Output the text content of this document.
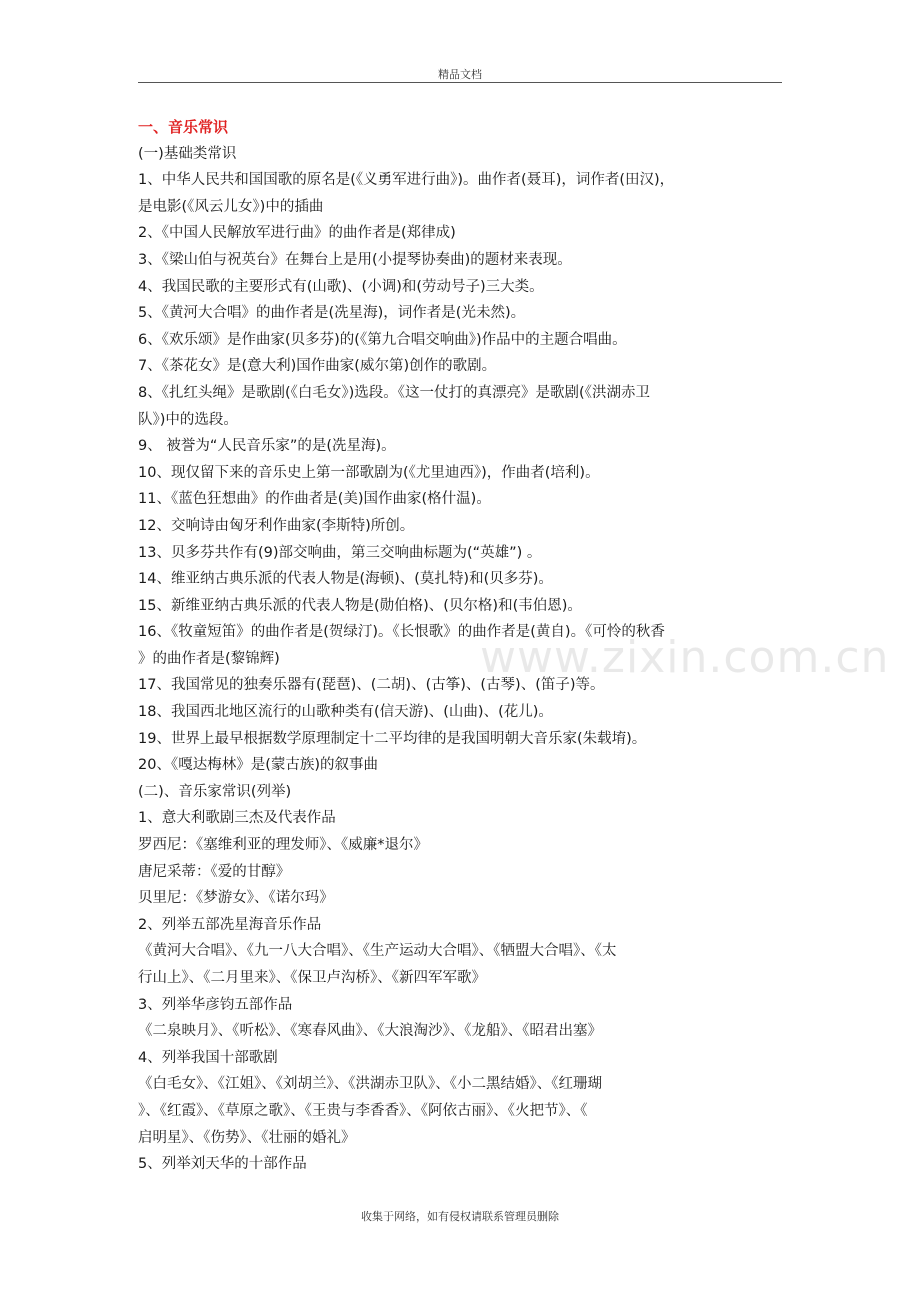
精品文档
www.zixin.com.cn
一、音乐常识
(一)基础类常识
1、中华人民共和国国歌的原名是(《义勇军进行曲》)。曲作者(聂耳)，词作者(田汉)，
是电影(《风云儿女》)中的插曲
2、《中国人民解放军进行曲》的曲作者是(郑律成)
3、《梁山伯与祝英台》在舞台上是用(小提琴协奏曲)的题材来表现。
4、我国民歌的主要形式有(山歌)、(小调)和(劳动号子)三大类。
5、《黄河大合唱》的曲作者是(冼星海)，词作者是(光未然)。
6、《欢乐颂》是作曲家(贝多芬)的(《第九合唱交响曲》)作品中的主题合唱曲。
7、《茶花女》是(意大利)国作曲家(威尔第)创作的歌剧。
8、《扎红头绳》是歌剧(《白毛女》)选段。《这一仗打的真漂亮》是歌剧(《洪湖赤卫
队》)中的选段。
9、 被誉为“人民音乐家”的是(冼星海)。
10、现仅留下来的音乐史上第一部歌剧为(《尤里迪西》)，作曲者(培利)。
11、《蓝色狂想曲》的作曲者是(美)国作曲家(格什温)。
12、交响诗由匈牙利作曲家(李斯特)所创。
13、贝多芬共作有(9)部交响曲，第三交响曲标题为(“英雄”) 。
14、维亚纳古典乐派的代表人物是(海顿)、(莫扎特)和(贝多芬)。
15、新维亚纳古典乐派的代表人物是(勋伯格)、(贝尔格)和(韦伯恩)。
16、《牧童短笛》的曲作者是(贺绿汀)。《长恨歌》的曲作者是(黄自)。《可怜的秋香
》的曲作者是(黎锦辉)
17、我国常见的独奏乐器有(琵琶)、(二胡)、(古筝)、(古琴)、(笛子)等。
18、我国西北地区流行的山歌种类有(信天游)、(山曲)、(花儿)。
19、世界上最早根据数学原理制定十二平均律的是我国明朝大音乐家(朱载堉)。
20、《嘎达梅林》是(蒙古族)的叙事曲
(二)、音乐家常识(列举)
1、意大利歌剧三杰及代表作品
罗西尼：《塞维利亚的理发师》、《威廉*退尔》
唐尼采蒂：《爱的甘醇》
贝里尼：《梦游女》、《诺尔玛》
2、列举五部冼星海音乐作品
《黄河大合唱》、《九一八大合唱》、《生产运动大合唱》、《牺盟大合唱》、《太
行山上》、《二月里来》、《保卫卢沟桥》、《新四军军歌》
3、列举华彦钧五部作品
《二泉映月》、《听松》、《寒春风曲》、《大浪淘沙》、《龙船》、《昭君出塞》
4、列举我国十部歌剧
《白毛女》、《江姐》、《刘胡兰》、《洪湖赤卫队》、《小二黑结婚》、《红珊瑚
》、《红霞》、《草原之歌》、《王贵与李香香》、《阿依古丽》、《火把节》、《
启明星》、《伤势》、《壮丽的婚礼》
5、列举刘天华的十部作品
收集于网络，如有侵权请联系管理员删除
